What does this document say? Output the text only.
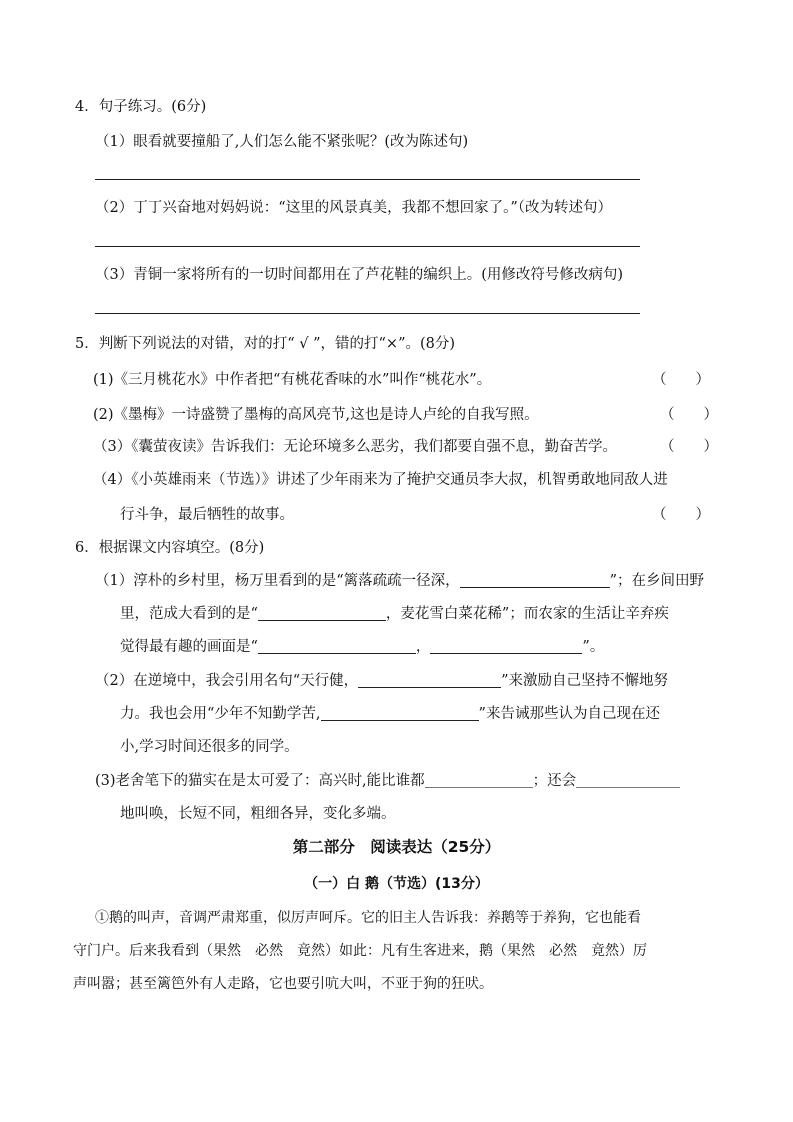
4．句子练习。(6分)
（1）眼看就要撞船了,人们怎么能不紧张呢？(改为陈述句)
（2）丁丁兴奋地对妈妈说：“这里的风景真美，我都不想回家了。”（改为转述句）
（3）青铜一家将所有的一切时间都用在了芦花鞋的编织上。(用修改符号修改病句)
5．判断下列说法的对错，对的打“ √ ”，错的打“×”。(8分)
(1)《三月桃花水》中作者把“有桃花香味的水”叫作“桃花水”。	（　　）
(2)《墨梅》一诗盛赞了墨梅的高风亮节,这也是诗人卢纶的自我写照。	（　　）
（3）《囊萤夜读》告诉我们：无论环境多么恶劣，我们都要自强不息，勤奋苦学。	（　　）
（4）《小英雄雨来（节选）》讲述了少年雨来为了掩护交通员李大叔，机智勇敢地同敌人进
行斗争，最后牺牲的故事。	（　　）
6．根据课文内容填空。(8分)
（1）淳朴的乡村里，杨万里看到的是“篱落疏疏一径深，	”；在乡间田野
里，范成大看到的是“	，麦花雪白菜花稀”；而农家的生活让辛弃疾
觉得最有趣的画面是“	，	”。
（2）在逆境中，我会引用名句“天行健，	”来激励自己坚持不懈地努
力。我也会用“少年不知勤学苦,	”来告诫那些认为自己现在还
小,学习时间还很多的同学。
(3)老舍笔下的猫实在是太可爱了：高兴时,能比谁都	；还会
地叫唤，长短不同，粗细各异，变化多端。
第二部分　阅读表达（25分）
（一）白 鹅（节选）(13分）
①鹅的叫声，音调严肃郑重，似厉声呵斥。它的旧主人告诉我：养鹅等于养狗，它也能看
守门户。后来我看到（果然　必然　竟然）如此：凡有生客进来，鹅（果然　必然　竟然）厉
声叫嚣；甚至篱笆外有人走路，它也要引吭大叫，不亚于狗的狂吠。
